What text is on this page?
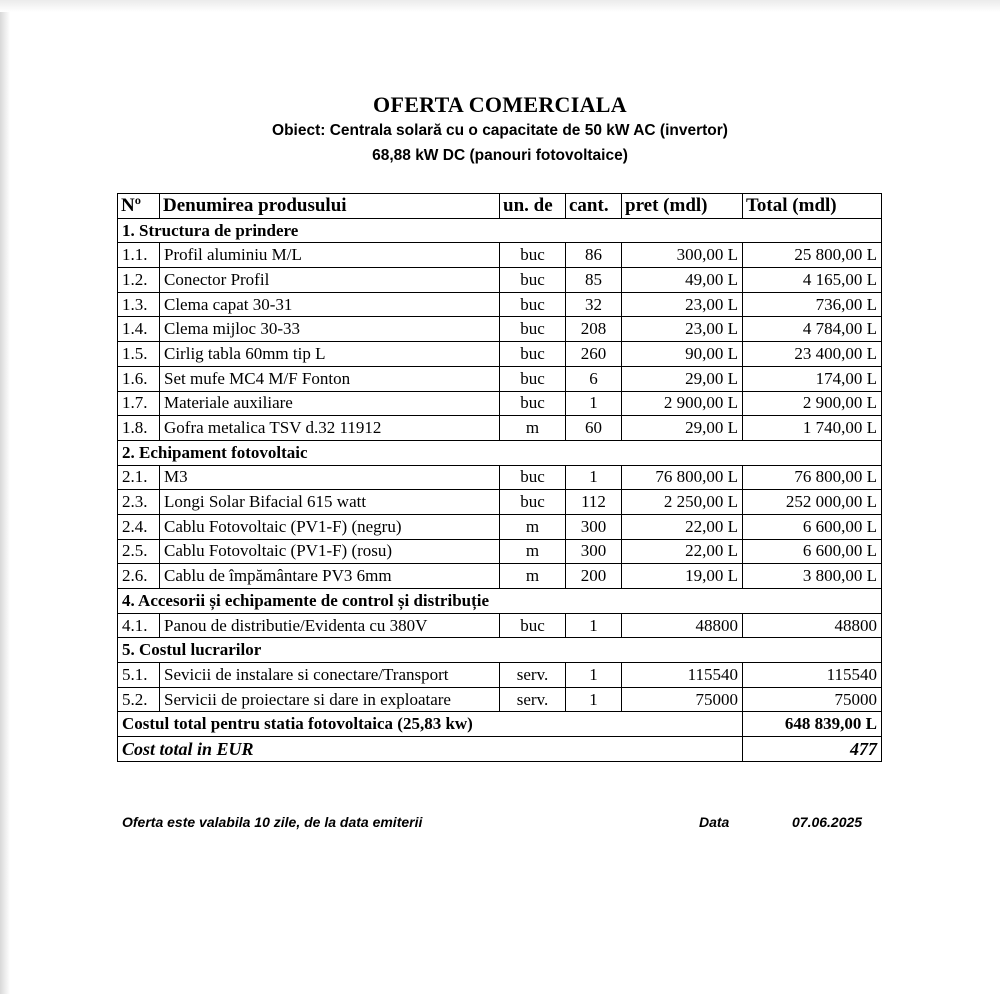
OFERTA COMERCIALA
Obiect: Centrala solară cu o capacitate de 50 kW AC (invertor)
68,88 kW DC (panouri fotovoltaice)
Nº	Denumirea produsului	un. de	cant.	pret (mdl)	Total (mdl)
1. Structura de prindere					
1.1.	Profil aluminiu M/L	buc	86	300,00 L	25 800,00 L
1.2.	Conector Profil	buc	85	49,00 L	4 165,00 L
1.3.	Clema capat 30-31	buc	32	23,00 L	736,00 L
1.4.	Clema mijloc 30-33	buc	208	23,00 L	4 784,00 L
1.5.	Cirlig tabla 60mm tip L	buc	260	90,00 L	23 400,00 L
1.6.	Set mufe MC4 M/F Fonton	buc	6	29,00 L	174,00 L
1.7.	Materiale auxiliare	buc	1	2 900,00 L	2 900,00 L
1.8.	Gofra metalica TSV d.32 11912	m	60	29,00 L	1 740,00 L
2. Echipament fotovoltaic					
2.1.	M3	buc	1	76 800,00 L	76 800,00 L
2.3.	Longi Solar Bifacial 615 watt	buc	112	2 250,00 L	252 000,00 L
2.4.	Cablu Fotovoltaic (PV1-F) (negru)	m	300	22,00 L	6 600,00 L
2.5.	Cablu Fotovoltaic (PV1-F) (rosu)	m	300	22,00 L	6 600,00 L
2.6.	Cablu de împământare PV3 6mm	m	200	19,00 L	3 800,00 L
4. Accesorii și echipamente de control și distribuție					
4.1.	Panou de distributie/Evidenta cu 380V	buc	1	48800	48800
5. Costul lucrarilor					
5.1.	Sevicii de instalare si conectare/Transport	serv.	1	115540	115540
5.2.	Servicii de proiectare si dare in exploatare	serv.	1	75000	75000
Costul total pentru statia fotovoltaica (25,83 kw)					648 839,00 L
Cost total in EUR					477
Oferta este valabila 10 zile, de la data emiterii	Data	07.06.2025
